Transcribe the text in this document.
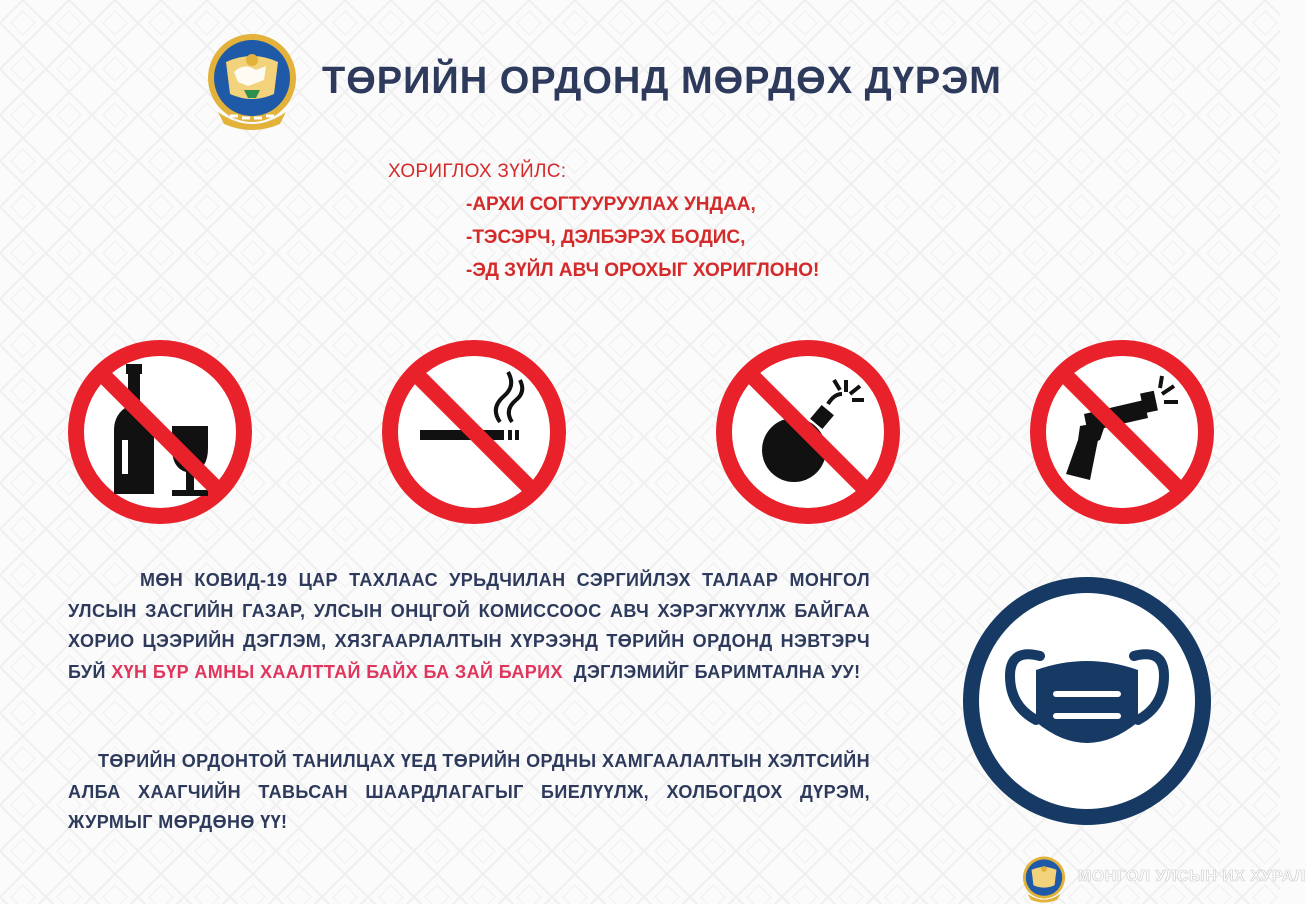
ТӨРИЙН ОРДОНД МӨРДӨХ ДҮРЭМ
ХОРИГЛОХ ЗҮЙЛС:
-АРХИ СОГТУУРУУЛАХ УНДАА,
-ТЭСЭРЧ, ДЭЛБЭРЭХ БОДИС,
-ЭД ЗҮЙЛ АВЧ ОРОХЫГ ХОРИГЛОНО!

МӨН КОВИД-19 ЦАР ТАХЛААС УРЬДЧИЛАН СЭРГИЙЛЭХ ТАЛААР МОНГОЛ УЛСЫН ЗАСГИЙН ГАЗАР, УЛСЫН ОНЦГОЙ КОМИССООС АВЧ ХЭРЭГЖҮҮЛЖ БАЙГАА ХОРИО ЦЭЭРИЙН ДЭГЛЭМ, ХЯЗГААРЛАЛТЫН ХҮРЭЭНД ТӨРИЙН ОРДОНД НЭВТЭРЧ БУЙ ХҮН БҮР АМНЫ ХААЛТТАЙ БАЙХ БА ЗАЙ БАРИХ ДЭГЛЭМИЙГ БАРИМТАЛНА УУ!

ТӨРИЙН ОРДОНТОЙ ТАНИЛЦАХ ҮЕД ТӨРИЙН ОРДНЫ ХАМГААЛАЛТЫН ХЭЛТСИЙН АЛБА ХААГЧИЙН ТАВЬСАН ШААРДЛАГАГЫГ БИЕЛҮҮЛЖ, ХОЛБОГДОХ ДҮРЭМ, ЖУРМЫГ МӨРДӨНӨ ҮҮ!

МОНГОЛ УЛСЫН ИХ ХУРАЛ
